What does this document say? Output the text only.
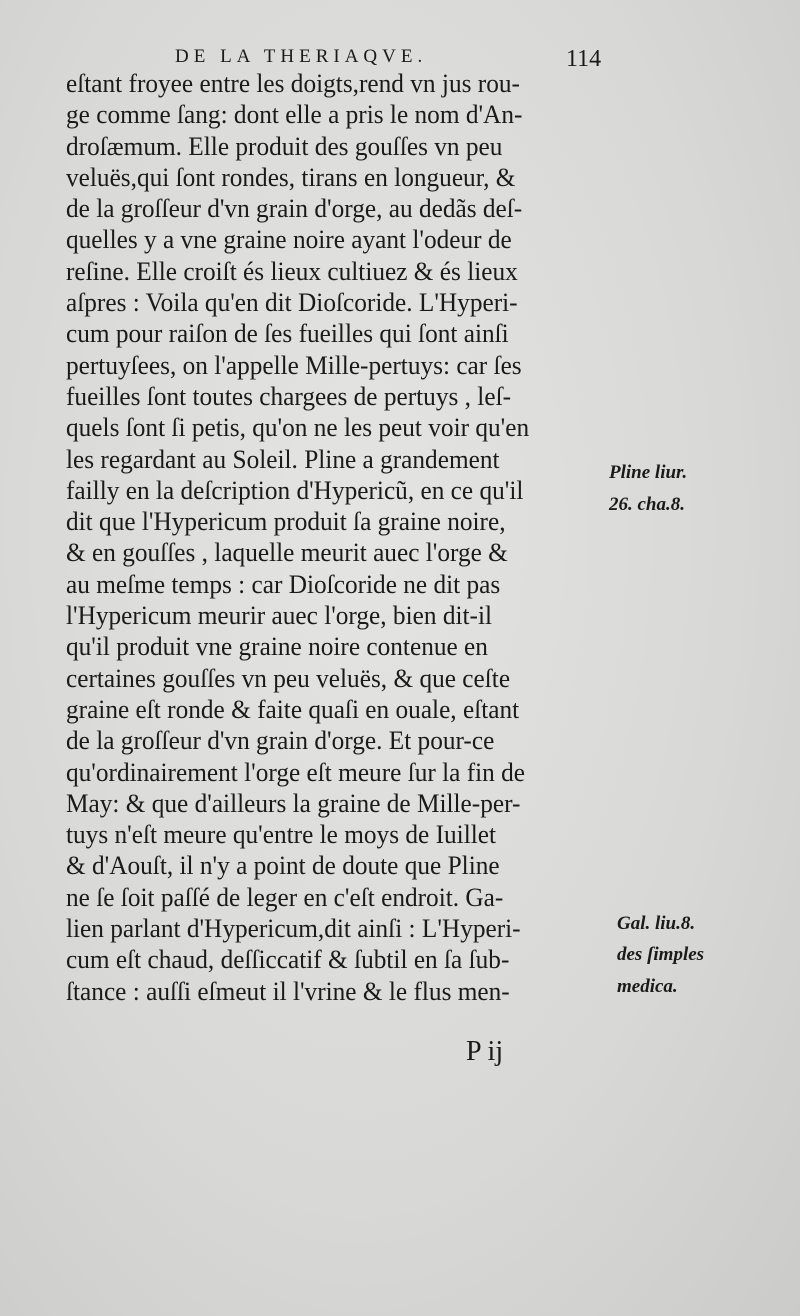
DE LA THERIAQVE.	114
eſtant froyee entre les doigts,rend vn jus rou-
ge comme ſang: dont elle a pris le nom d'An-
droſæmum. Elle produit des gouſſes vn peu
veluës,qui ſont rondes, tirans en longueur, &
de la groſſeur d'vn grain d'orge, au dedãs deſ-
quelles y a vne graine noire ayant l'odeur de
reſine. Elle croiſt és lieux cultiuez & és lieux
aſpres : Voila qu'en dit Dioſcoride. L'Hyperi-
cum pour raiſon de ſes fueilles qui ſont ainſi
pertuyſees, on l'appelle Mille-pertuys: car ſes
fueilles ſont toutes chargees de pertuys , leſ-
quels ſont ſi petis, qu'on ne les peut voir qu'en
les regardant au Soleil. Pline a grandement
failly en la deſcription d'Hypericũ, en ce qu'il
dit que l'Hypericum produit ſa graine noire,
& en gouſſes , laquelle meurit auec l'orge &
au meſme temps : car Dioſcoride ne dit pas
l'Hypericum meurir auec l'orge, bien dit-il
qu'il produit vne graine noire contenue en
certaines gouſſes vn peu veluës, & que ceſte
graine eſt ronde & faite quaſi en ouale, eſtant
de la groſſeur d'vn grain d'orge. Et pour-ce
qu'ordinairement l'orge eſt meure ſur la fin de
May: & que d'ailleurs la graine de Mille-per-
tuys n'eſt meure qu'entre le moys de Iuillet
& d'Aouſt, il n'y a point de doute que Pline
ne ſe ſoit paſſé de leger en c'eſt endroit. Ga-
lien parlant d'Hypericum,dit ainſi : L'Hyperi-
cum eſt chaud, deſſiccatif & ſubtil en ſa ſub-
ſtance : auſſi eſmeut il l'vrine & le flus men-
Pline liur.
26. cha.8.
Gal. liu.8.
des ſimples
medica.
P ij
